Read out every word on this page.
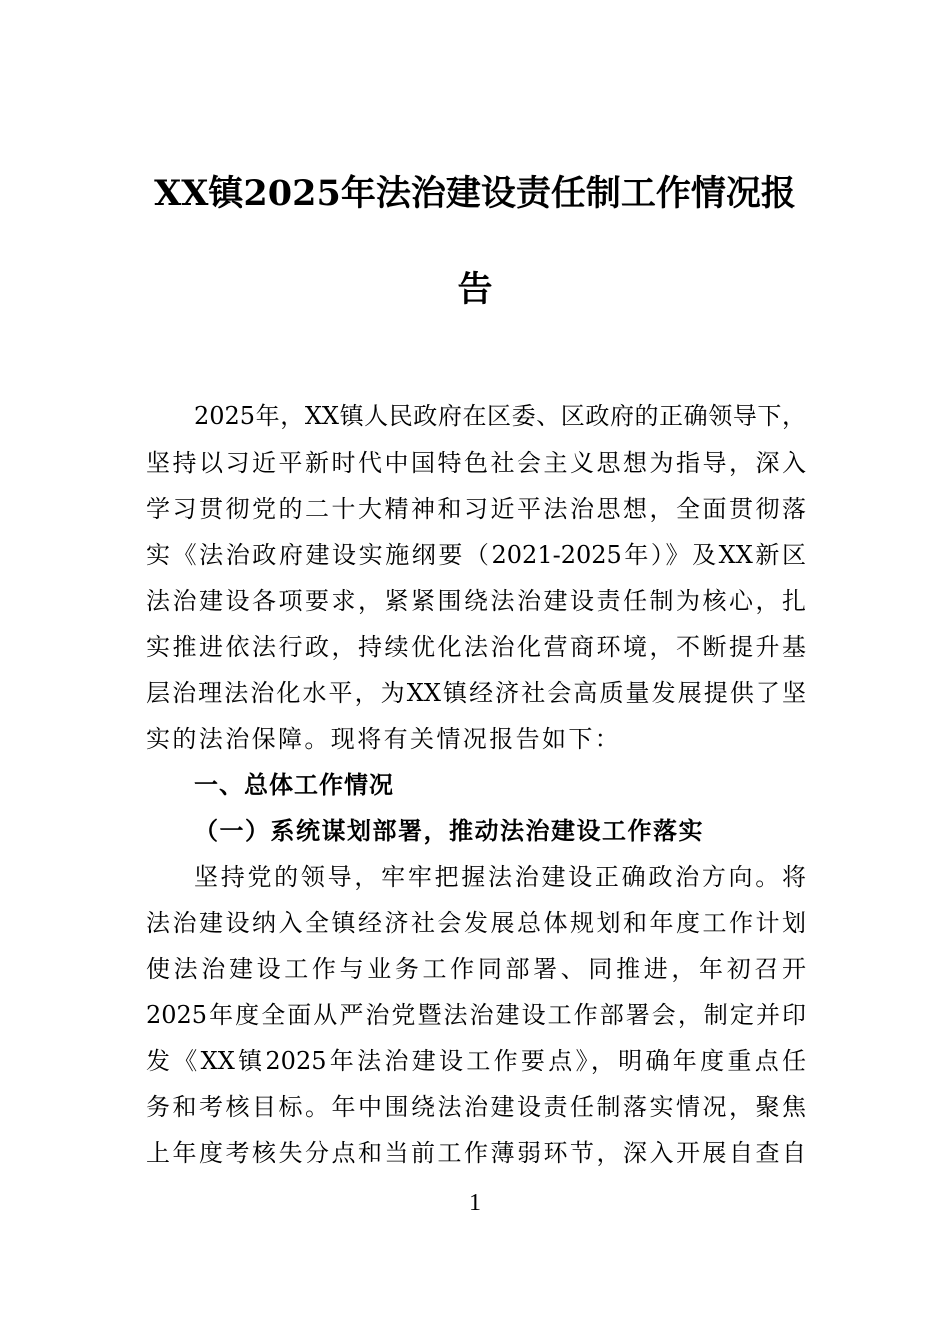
XX镇2025年法治建设责任制工作情况报
告

2025年，XX镇人民政府在区委、区政府的正确领导下，

坚持以习近平新时代中国特色社会主义思想为指导，深入

学习贯彻党的二十大精神和习近平法治思想，全面贯彻落

实《法治政府建设实施纲要（2021-2025年）》及XX新区

法治建设各项要求，紧紧围绕法治建设责任制为核心，扎

实推进依法行政，持续优化法治化营商环境，不断提升基

层治理法治化水平，为XX镇经济社会高质量发展提供了坚

实的法治保障。现将有关情况报告如下：

一、总体工作情况
（一）系统谋划部署，推动法治建设工作落实

坚持党的领导，牢牢把握法治建设正确政治方向。将

法治建设纳入全镇经济社会发展总体规划和年度工作计划

使法治建设工作与业务工作同部署、同推进，年初召开

2025年度全面从严治党暨法治建设工作部署会，制定并印

发《XX镇2025年法治建设工作要点》，明确年度重点任

务和考核目标。年中围绕法治建设责任制落实情况，聚焦

上年度考核失分点和当前工作薄弱环节，深入开展自查自

1
